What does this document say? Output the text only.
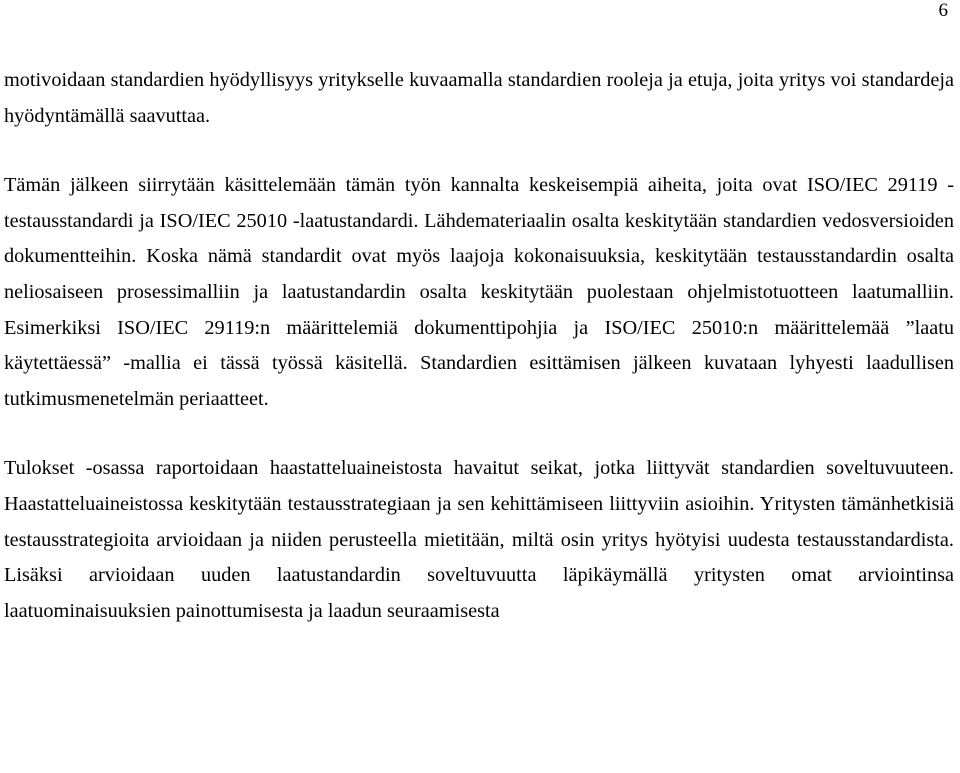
6

motivoidaan standardien hyödyllisyys yritykselle kuvaamalla standardien rooleja ja etuja, joita yritys voi standardeja hyödyntämällä saavuttaa.

Tämän jälkeen siirrytään käsittelemään tämän työn kannalta keskeisempiä aiheita, joita ovat ISO/IEC 29119 -testausstandardi ja ISO/IEC 25010 -laatustandardi. Lähdemateriaalin osalta keskitytään standardien vedosversioiden dokumentteihin. Koska nämä standardit ovat myös laajoja kokonaisuuksia, keskitytään testausstandardin osalta neliosaiseen prosessimalliin ja laatustandardin osalta keskitytään puolestaan ohjelmistotuotteen laatumalliin. Esimerkiksi ISO/IEC 29119:n määrittelemiä dokumenttipohjia ja ISO/IEC 25010:n määrittelemää ”laatu käytettäessä” -mallia ei tässä työssä käsitellä. Standardien esittämisen jälkeen kuvataan lyhyesti laadullisen tutkimusmenetelmän periaatteet.

Tulokset -osassa raportoidaan haastatteluaineistosta havaitut seikat, jotka liittyvät standardien soveltuvuuteen. Haastatteluaineistossa keskitytään testausstrategiaan ja sen kehittämiseen liittyviin asioihin. Yritysten tämänhetkisiä testausstrategioita arvioidaan ja niiden perusteella mietitään, miltä osin yritys hyötyisi uudesta testausstandardista. Lisäksi arvioidaan uuden laatustandardin soveltuvuutta läpikäymällä yritysten omat arviointinsa laatuominaisuuksien painottumisesta ja laadun seuraamisesta
